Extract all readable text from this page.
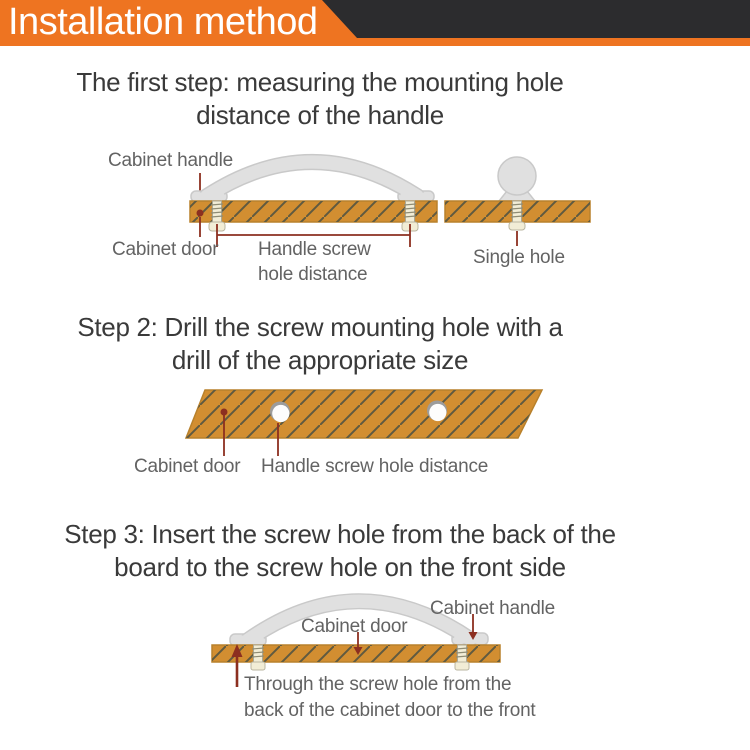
Installation method
The first step: measuring the mounting hole
distance of the handle
Cabinet handle
Cabinet door Handle screw
hole distance
Single hole
Step 2: Drill the screw mounting hole with a
drill of the appropriate size
Cabinet door Handle screw hole distance
Step 3: Insert the screw hole from the back of the
board to the screw hole on the front side
Cabinet handle
Cabinet door
Through the screw hole from the
back of the cabinet door to the front
